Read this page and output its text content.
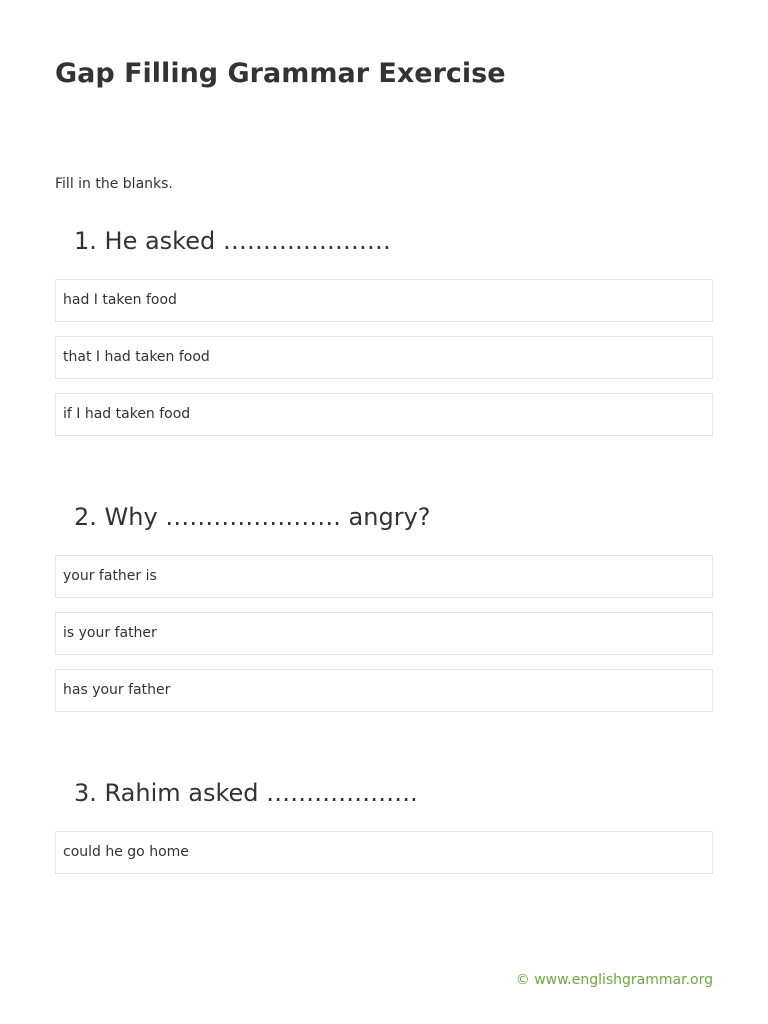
Gap Filling Grammar Exercise

Fill in the blanks.

1. He asked …………………
had I taken food
that I had taken food
if I had taken food
2. Why …………………. angry?
your father is
is your father
has your father
3. Rahim asked ……………….
could he go home
© www.englishgrammar.org
